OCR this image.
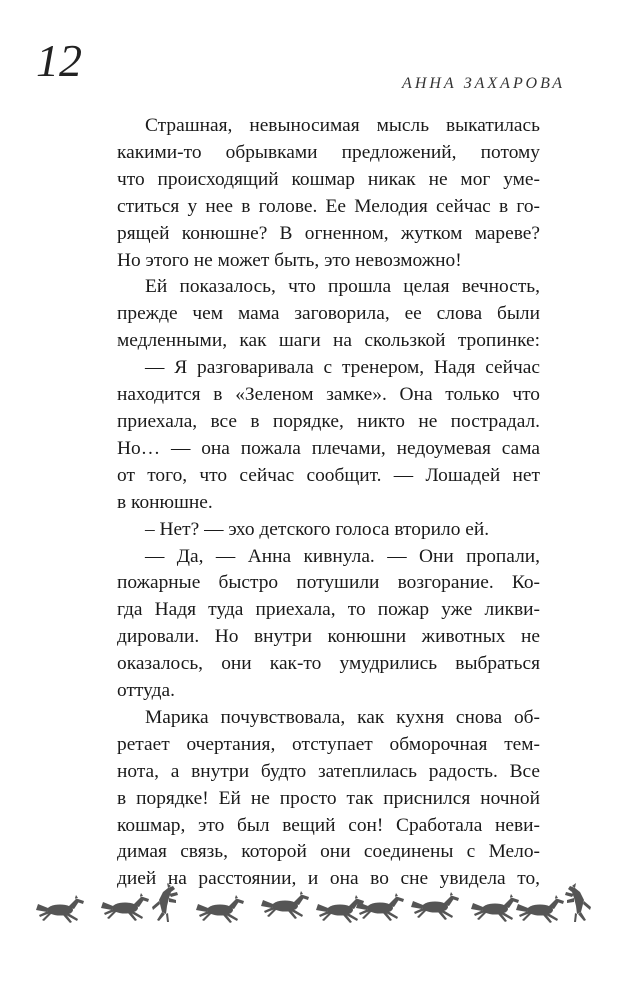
12	АННА ЗАХАРОВА
Страшная, невыносимая мысль выкатилась
какими-то обрывками предложений, потому
что происходящий кошмар никак не мог уме-
ститься у нее в голове. Ее Мелодия сейчас в го-
рящей конюшне? В огненном, жутком мареве?
Но этого не может быть, это невозможно!
Ей показалось, что прошла целая вечность,
прежде чем мама заговорила, ее слова были
медленными, как шаги на скользкой тропинке:
— Я разговаривала с тренером, Надя сейчас
находится в «Зеленом замке». Она только что
приехала, все в порядке, никто не пострадал.
Но… — она пожала плечами, недоумевая сама
от того, что сейчас сообщит. — Лошадей нет
в конюшне.
– Нет? — эхо детского голоса вторило ей.
— Да, — Анна кивнула. — Они пропали,
пожарные быстро потушили возгорание. Ко-
гда Надя туда приехала, то пожар уже ликви-
дировали. Но внутри конюшни животных не
оказалось, они как-то умудрились выбраться
оттуда.
Марика почувствовала, как кухня снова об-
ретает очертания, отступает обморочная тем-
нота, а внутри будто затеплилась радость. Все
в порядке! Ей не просто так приснился ночной
кошмар, это был вещий сон! Сработала неви-
димая связь, которой они соединены с Мело-
дией на расстоянии, и она во сне увидела то,
